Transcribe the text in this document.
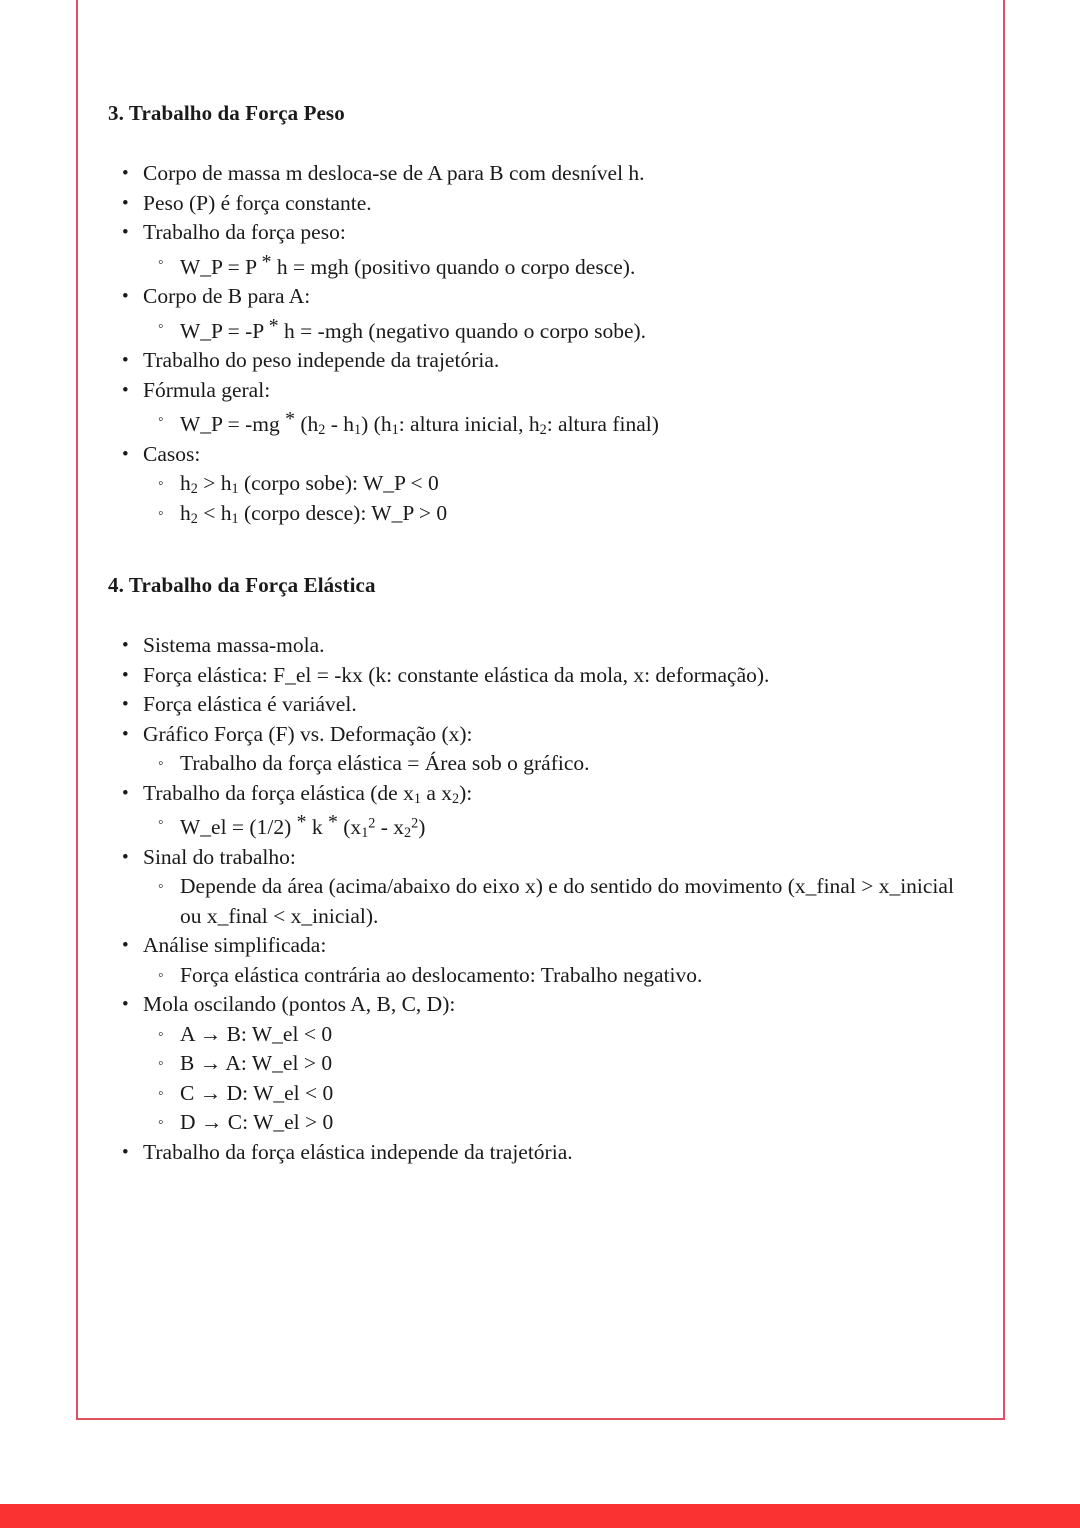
3. Trabalho da Força Peso
• Corpo de massa m desloca-se de A para B com desnível h.
• Peso (P) é força constante.
• Trabalho da força peso:
◦ W_P = P * h = mgh (positivo quando o corpo desce).
• Corpo de B para A:
◦ W_P = -P * h = -mgh (negativo quando o corpo sobe).
• Trabalho do peso independe da trajetória.
• Fórmula geral:
◦ W_P = $-mg * (h_2 - h_1)$ ($h_1$: altura inicial, $h_2$: altura final)
• Casos:
◦ $h_2 > h_1$ (corpo sobe): W_P < 0
◦ $h_2 < h_1$ (corpo desce): W_P > 0
4. Trabalho da Força Elástica
• Sistema massa-mola.
• Força elástica: F_el = -kx (k: constante elástica da mola, x: deformação).
• Força elástica é variável.
• Gráfico Força (F) vs. Deformação (x):
◦ Trabalho da força elástica = Área sob o gráfico.
• Trabalho da força elástica (de $x_1$ a $x_2$):
◦ W_el = (1/2) * k * $(x_1^2 - x_2^2)$
• Sinal do trabalho:
◦ Depende da área (acima/abaixo do eixo x) e do sentido do movimento (x_final > x_inicial ou x_final < x_inicial).
• Análise simplificada:
◦ Força elástica contrária ao deslocamento: Trabalho negativo.
• Mola oscilando (pontos A, B, C, D):
◦ A → B: W_el < 0
◦ B → A: W_el > 0
◦ C → D: W_el < 0
◦ D → C: W_el > 0
• Trabalho da força elástica independe da trajetória.
